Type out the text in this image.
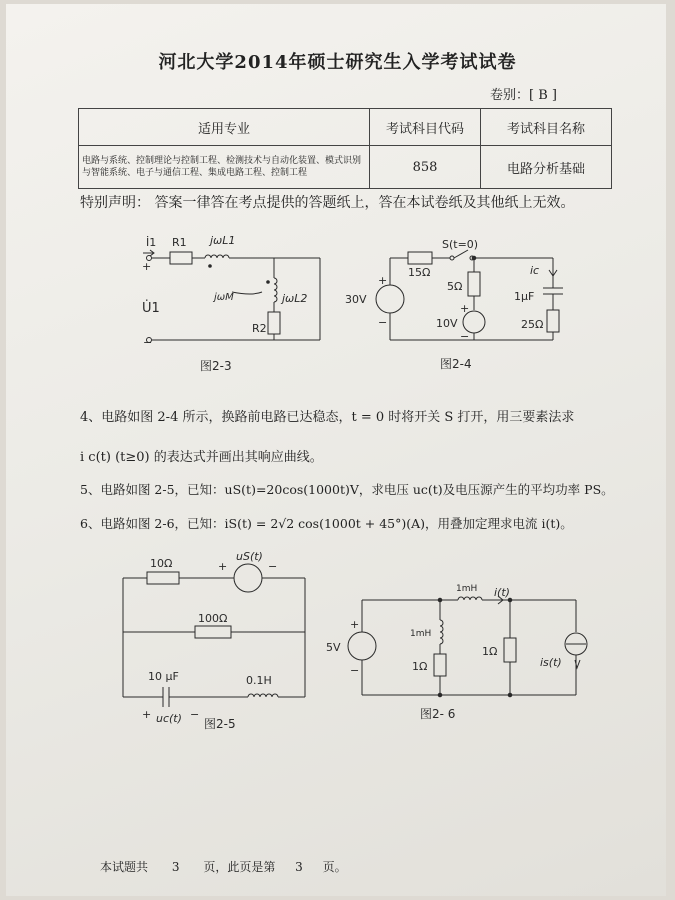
河北大学2014年硕士研究生入学考试试卷
卷别：[ B ]
适用专业	考试科目代码	考试科目名称
电路与系统、控制理论与控制工程、检测技术与自动化装置、模式识别与智能系统、电子与通信工程、集成电路工程、控制工程	858	电路分析基础
特别声明： 答案一律答在考点提供的答题纸上，答在本试卷纸及其他纸上无效。
İ1
+
U̇1
−
R1 jωL1
jωM	jωL2
R2
图2-3
S(t=0)
15Ω
+
30V
−
5Ω
+
10V
−
ic
1μF
25Ω
图2-4
10Ω	+
uS(t)
−
100Ω
10 μF	0.1H
+ uc(t) −
图2-5
1mH i(t)
+
5V
−
1mH
1Ω
1Ω
is(t)
图2- 6
4、电路如图 2-4 所示，换路前电路已达稳态，t = 0 时将开关 S 打开，用三要素法求
i c(t) (t≥0) 的表达式并画出其响应曲线。
5、电路如图 2-5，已知：uS(t)=20cos(1000t)V，求电压 uc(t)及电压源产生的平均功率 PS。
6、电路如图 2-6，已知：iS(t) = 2√2 cos(1000t + 45°)(A)，用叠加定理求电流 i(t)。
本试题共 3 页，此页是第 3 页。
